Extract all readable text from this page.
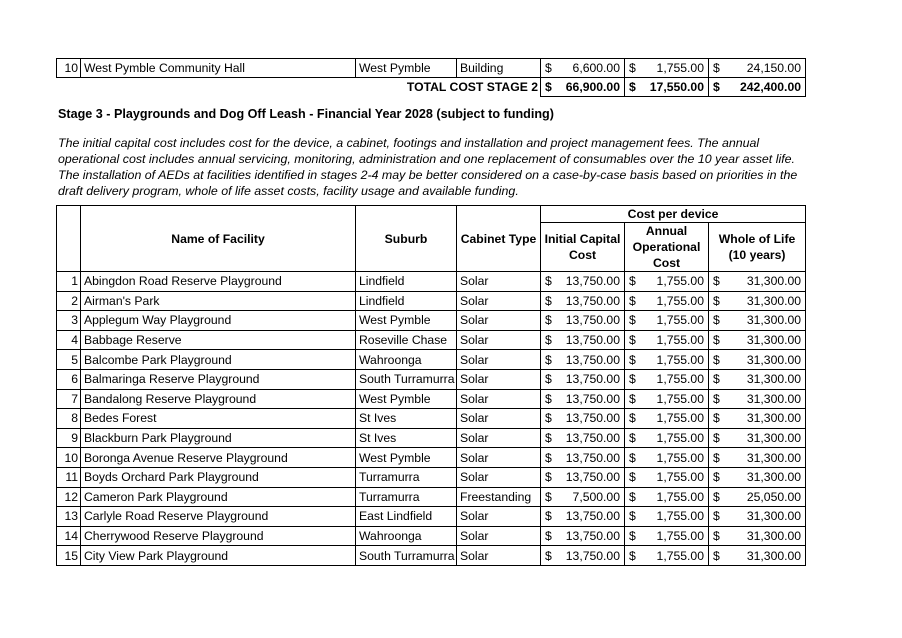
10	West Pymble Community Hall	West Pymble	Building	$	6,600.00	$	1,755.00	$	24,150.00
TOTAL COST STAGE 2				$	66,900.00	$	17,550.00	$	242,400.00
Stage 3 - Playgrounds and Dog Off Leash - Financial Year 2028 (subject to funding)

The initial capital cost includes cost for the device, a cabinet, footings and installation and project management fees. The annual operational cost includes annual servicing, monitoring, administration and one replacement of consumables over the 10 year asset life. The installation of AEDs at facilities identified in stages 2-4 may be better considered on a case-by-case basis based on priorities in the draft delivery program, whole of life asset costs, facility usage and available funding.

	Name of Facility	Suburb	Cabinet Type	Cost per device					
				Initial Capital Cost		Annual Operational Cost		Whole of Life (10 years)	
1	Abingdon Road Reserve Playground	Lindfield	Solar	$	13,750.00	$	1,755.00	$	31,300.00
2	Airman's Park	Lindfield	Solar	$	13,750.00	$	1,755.00	$	31,300.00
3	Applegum Way Playground	West Pymble	Solar	$	13,750.00	$	1,755.00	$	31,300.00
4	Babbage Reserve	Roseville Chase	Solar	$	13,750.00	$	1,755.00	$	31,300.00
5	Balcombe Park Playground	Wahroonga	Solar	$	13,750.00	$	1,755.00	$	31,300.00
6	Balmaringa Reserve Playground	South Turramurra	Solar	$	13,750.00	$	1,755.00	$	31,300.00
7	Bandalong Reserve Playground	West Pymble	Solar	$	13,750.00	$	1,755.00	$	31,300.00
8	Bedes Forest	St Ives	Solar	$	13,750.00	$	1,755.00	$	31,300.00
9	Blackburn Park Playground	St Ives	Solar	$	13,750.00	$	1,755.00	$	31,300.00
10	Boronga Avenue Reserve Playground	West Pymble	Solar	$	13,750.00	$	1,755.00	$	31,300.00
11	Boyds Orchard Park Playground	Turramurra	Solar	$	13,750.00	$	1,755.00	$	31,300.00
12	Cameron Park Playground	Turramurra	Freestanding	$	7,500.00	$	1,755.00	$	25,050.00
13	Carlyle Road Reserve Playground	East Lindfield	Solar	$	13,750.00	$	1,755.00	$	31,300.00
14	Cherrywood Reserve Playground	Wahroonga	Solar	$	13,750.00	$	1,755.00	$	31,300.00
15	City View Park Playground	South Turramurra	Solar	$	13,750.00	$	1,755.00	$	31,300.00
